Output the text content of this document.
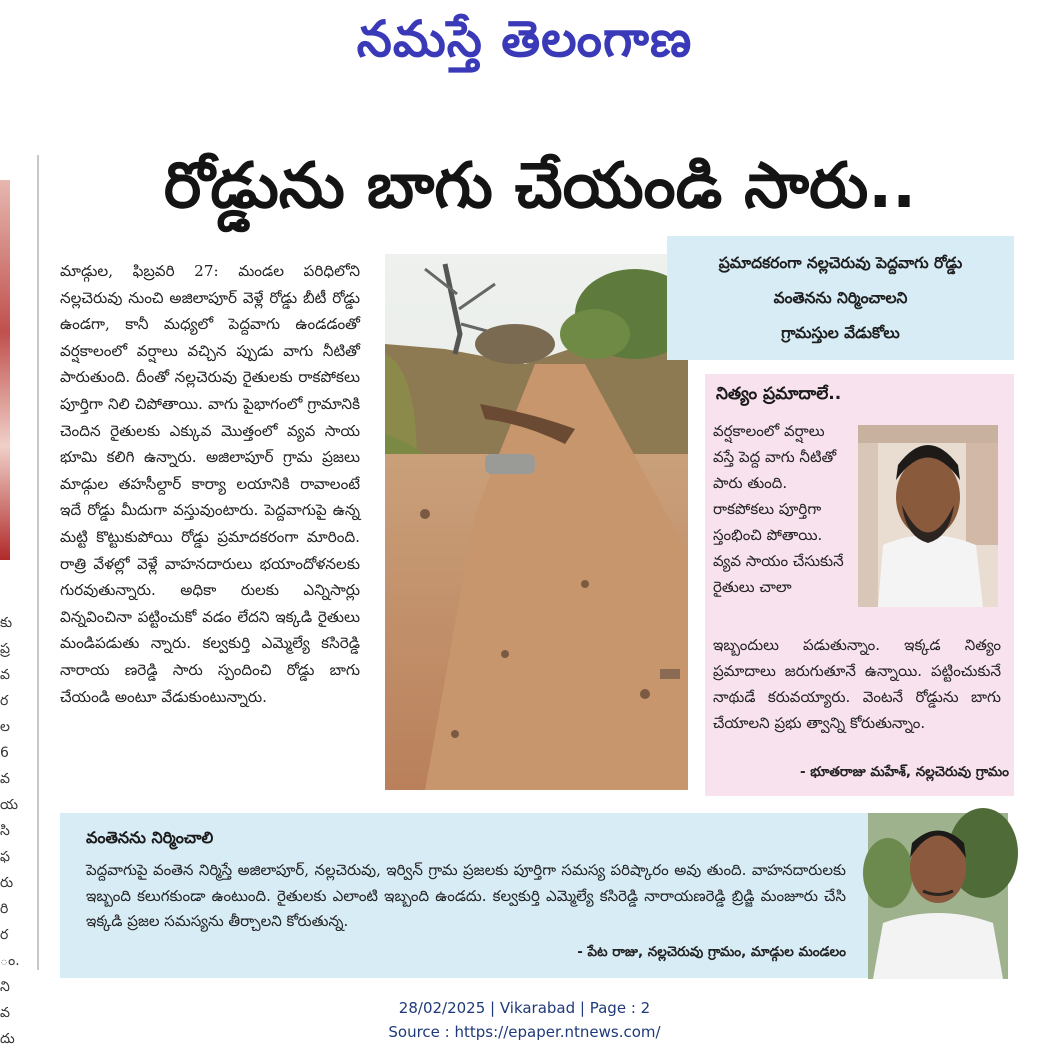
నమస్తే తెలంగాణ
కు
ప్ర
వ
ర
ల
6
వ
య
సి
ఫ
రు
రి
ర
ం.
ని
వ
దు
రోడ్డును బాగు చేయండి సారు..
మాడ్గుల, ఫిబ్రవరి 27: మండల పరిధిలోని నల్లచెరువు నుంచి అజిలాపూర్ వెళ్లే రోడ్డు బీటీ రోడ్డు ఉండగా, కానీ మధ్యలో పెద్దవాగు ఉండడంతో వర్షకాలంలో వర్షాలు వచ్చిన ప్పుడు వాగు నీటితో పారుతుంది. దీంతో నల్లచెరువు రైతులకు రాకపోకలు పూర్తిగా నిలి చిపోతాయి. వాగు పైభాగంలో గ్రామానికి చెందిన రైతులకు ఎక్కువ మొత్తంలో వ్యవ సాయ భూమి కలిగి ఉన్నారు. అజిలాపూర్ గ్రామ ప్రజలు మాడ్గుల తహసీల్దార్ కార్యా లయానికి రావాలంటే ఇదే రోడ్డు మీదుగా వస్తువుంటారు. పెద్దవాగుపై ఉన్న మట్టి కొట్టుకుపోయి రోడ్డు ప్రమాదకరంగా మారింది. రాత్రి వేళల్లో వెళ్లే వాహనదారులు భయాందోళనలకు గురవుతున్నారు. అధికా రులకు ఎన్నిసార్లు విన్నవించినా పట్టించుకో వడం లేదని ఇక్కడి రైతులు మండిపడుతు న్నారు. కల్వకుర్తి ఎమ్మెల్యే కసిరెడ్డి నారాయ ణరెడ్డి సారు స్పందించి రోడ్డు బాగు చేయండి అంటూ వేడుకుంటున్నారు.
ప్రమాదకరంగా నల్లచెరువు పెద్దవాగు రోడ్డు
వంతెనను నిర్మించాలని
గ్రామస్తుల వేడుకోలు
నిత్యం ప్రమాదాలే..
వర్షకాలంలో వర్షాలు వస్తే పెద్ద వాగు నీటితో పారు తుంది. రాకపోకలు పూర్తిగా స్తంభించి పోతాయి. వ్యవ సాయం చేసుకునే రైతులు చాలా
ఇబ్బందులు పడుతున్నాం. ఇక్కడ నిత్యం ప్రమాదాలు జరుగుతూనే ఉన్నాయి. పట్టించుకునే నాథుడే కరువయ్యారు. వెంటనే రోడ్డును బాగు చేయాలని ప్రభు త్వాన్ని కోరుతున్నాం.
- భూతరాజు మహేశ్, నల్లచెరువు గ్రామం
వంతెనను నిర్మించాలి
పెద్దవాగుపై వంతెన నిర్మిస్తే అజిలాపూర్, నల్లచెరువు, ఇర్విన్ గ్రామ ప్రజలకు పూర్తిగా సమస్య పరిష్కారం అవు తుంది. వాహనదారులకు ఇబ్బంది కలుగకుండా ఉంటుంది. రైతులకు ఎలాంటి ఇబ్బంది ఉండదు. కల్వకుర్తి ఎమ్మెల్యే కసిరెడ్డి నారాయణరెడ్డి బ్రిడ్జి మంజూరు చేసి ఇక్కడి ప్రజల సమస్యను తీర్చాలని కోరుతున్న.
- పేట రాజు, నల్లచెరువు గ్రామం, మాడ్గుల మండలం
28/02/2025 | Vikarabad | Page : 2
Source : https://epaper.ntnews.com/
